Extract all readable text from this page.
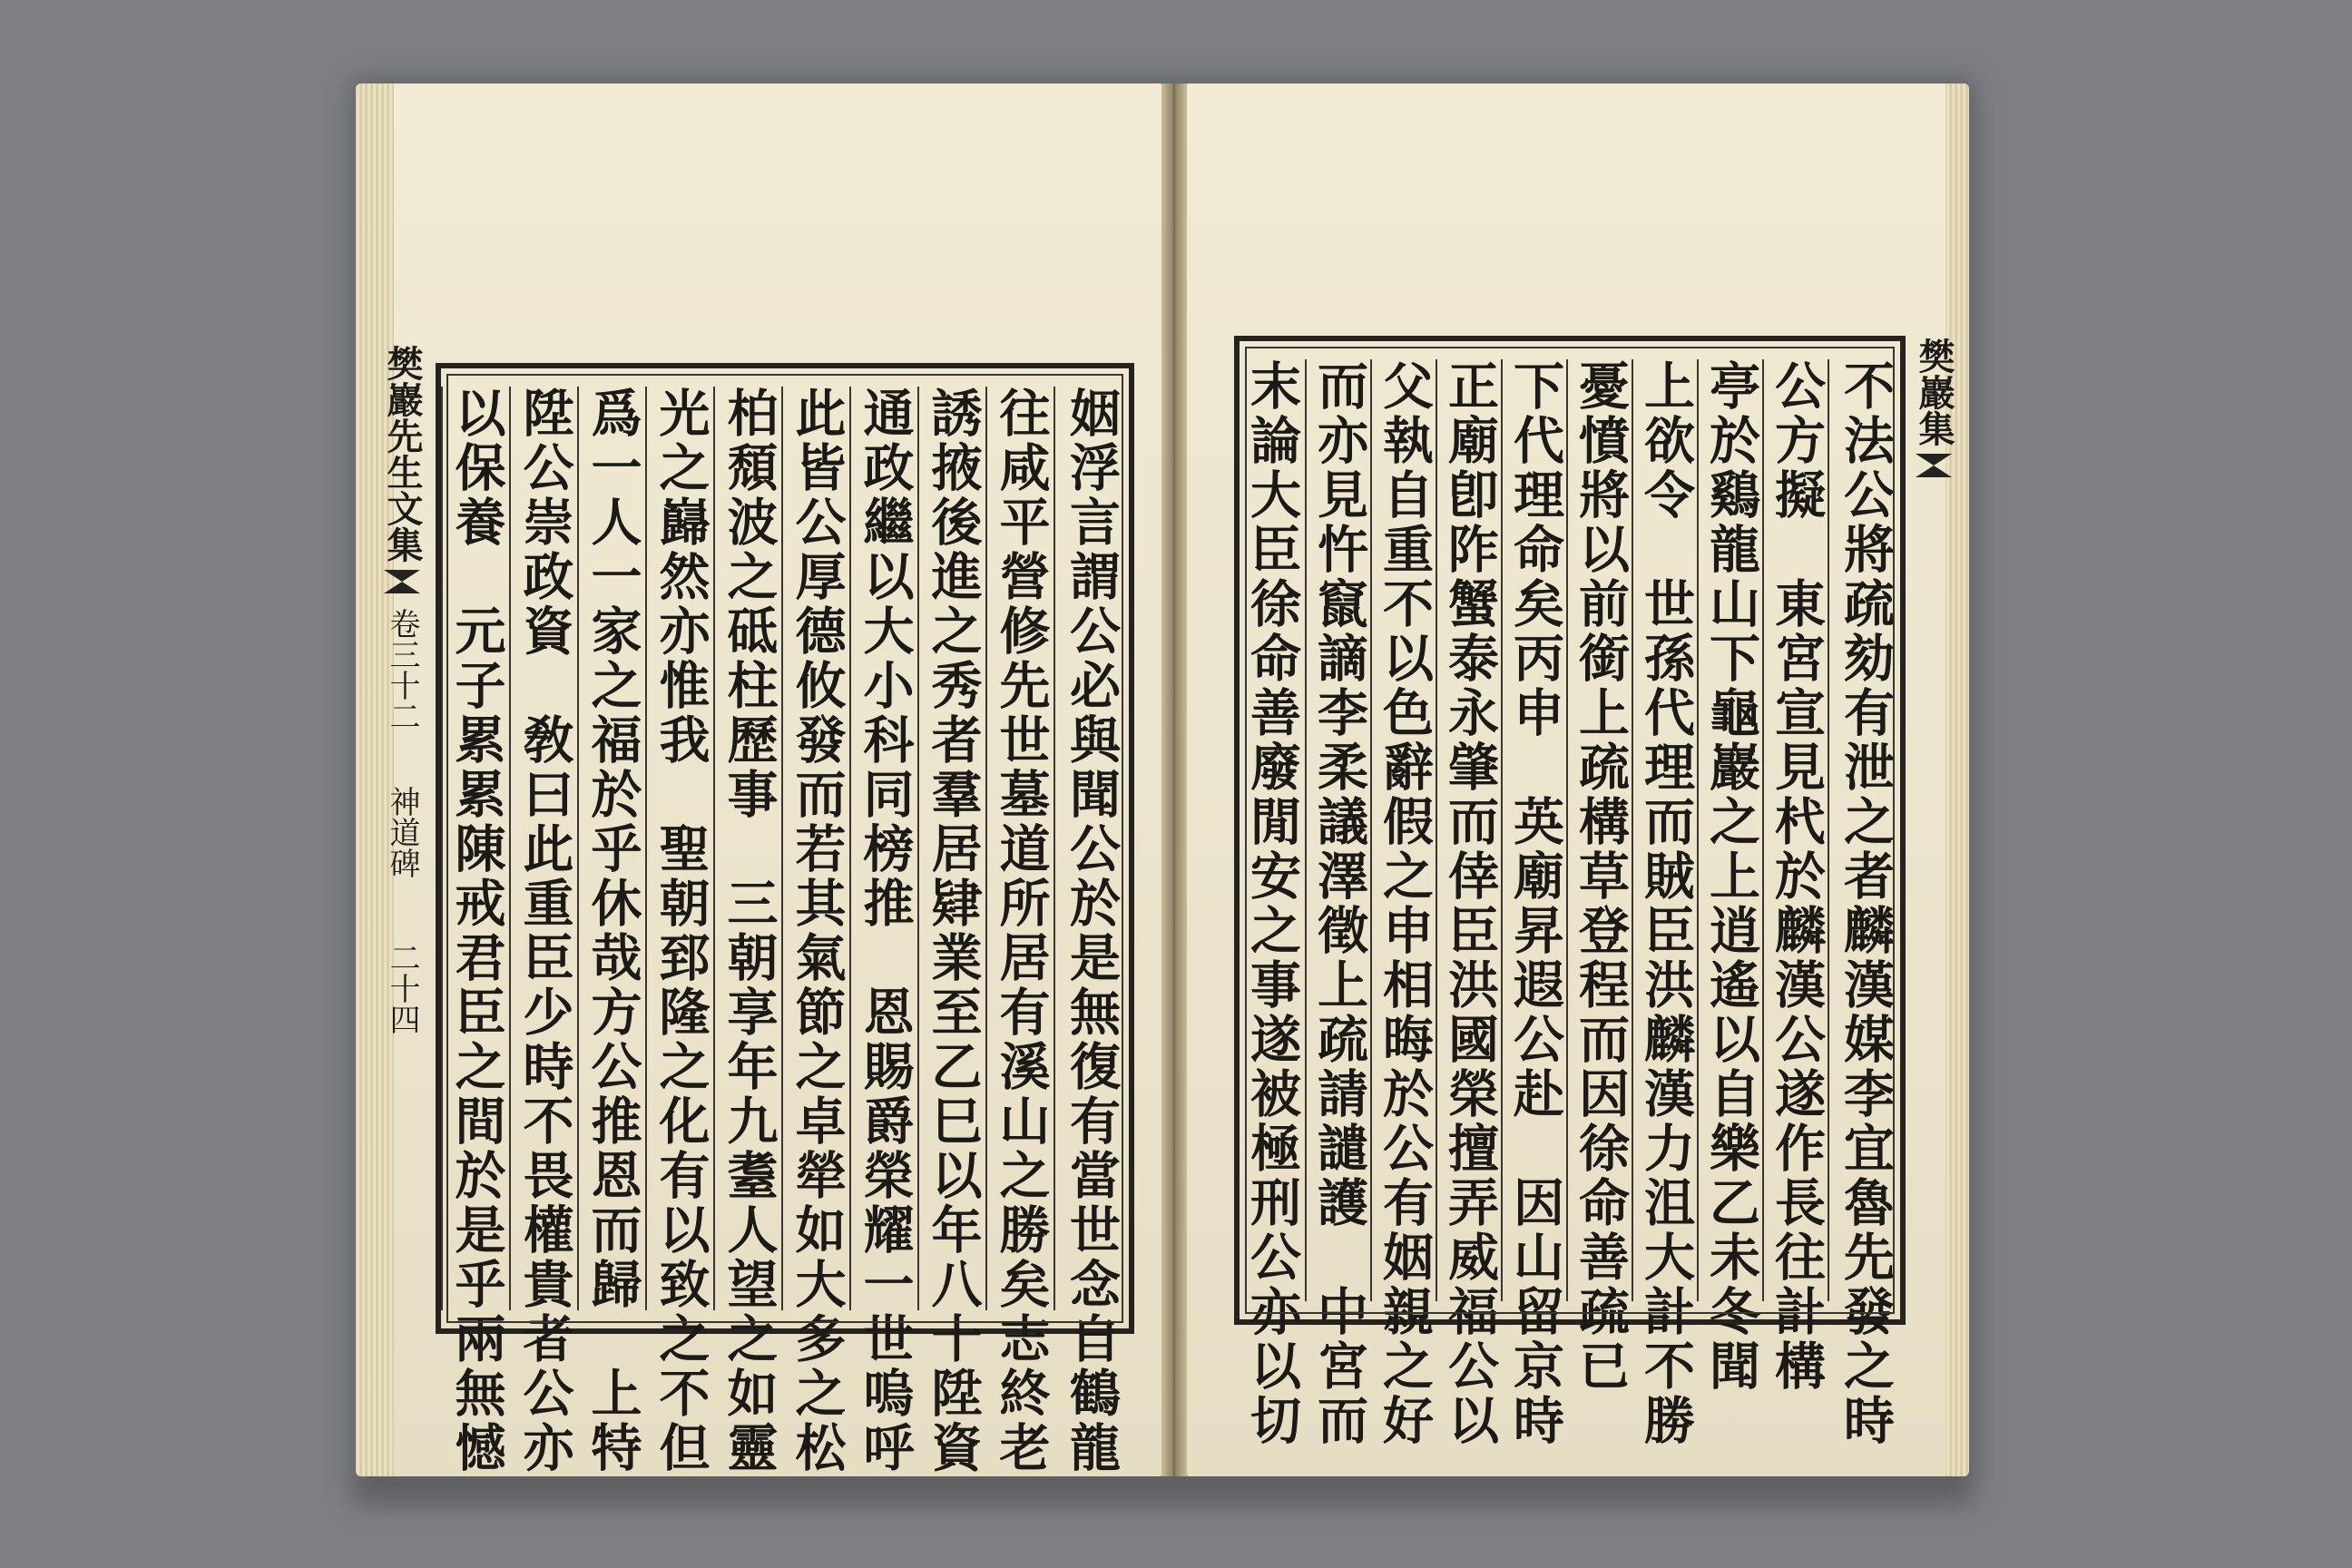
樊巖先生文集
卷三十二
神道碑
二十四 以保養　元子累累陳戒君臣之間於是乎兩無憾 陞公崇政資　敎曰此重臣少時不畏權貴者公亦 爲一人一家之福於乎休哉方公推恩而歸　上特 光之巋然亦惟我　聖朝郅隆之化有以致之不但 柏頹波之砥柱歷事　三朝享年九耋人望之如靈 此皆公厚德攸發而若其氣節之卓犖如大多之松 通政繼以大小科同榜推　恩賜爵榮耀一世嗚呼 誘掖後進之秀者羣居肄業至乙巳以年八十陞資 往咸平營修先世墓道所居有溪山之勝矣志終老 姻浮言謂公必與聞公於是無復有當世念自鶴龍 末論大臣徐命善廢閒安之事遂被極刑公亦以切 而亦見忤竄謫李柔議澤徵上疏請譴護　中宮而 父執自重不以色辭假之申相晦於公有姻親之好 正廟卽阼蟹泰永肇而倖臣洪國榮擅弄威福公以 下代理命矣丙申　英廟昇遐公赴　因山留京時 憂憤將以前銜上疏構草登程而因徐命善疏已 上欲令　世孫代理而賊臣洪麟漢力沮大計不勝 亭於鷄龍山下龜巖之上逍遙以自樂乙未冬聞 公方擬　東宮宣見杙於麟漢公遂作長往計構 不法公將疏劾有泄之者麟漢媒李宜魯先發之時 樊巖集
